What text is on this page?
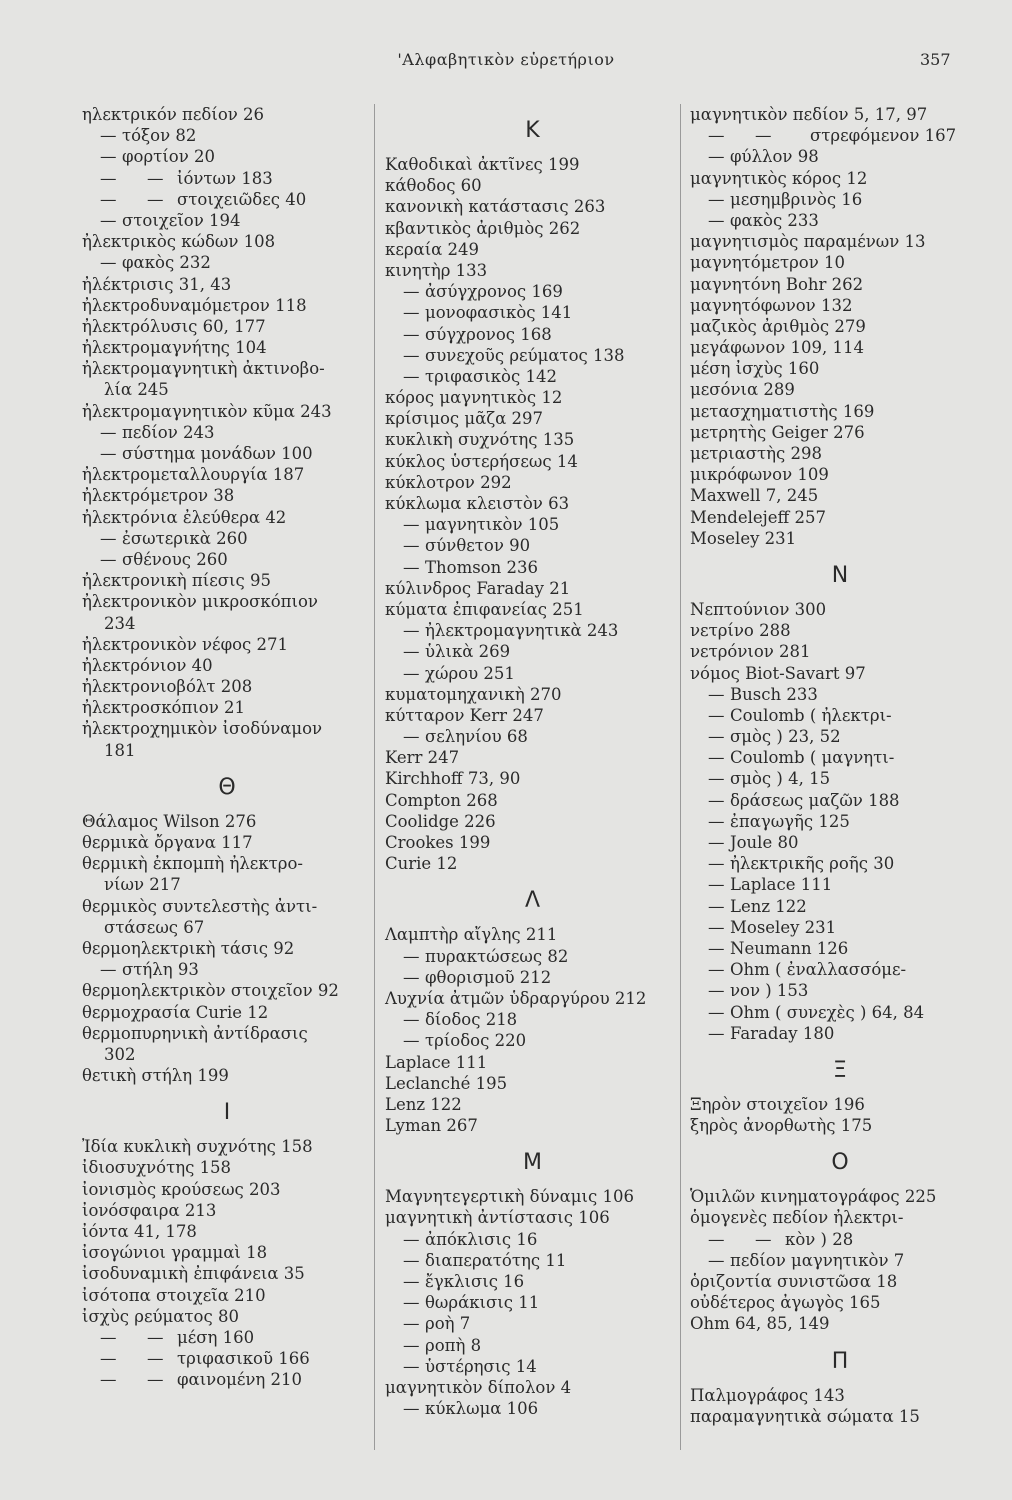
'Αλφαβητικὸν εὑρετήριον	357
ηλεκτρικόν πεδίον 26
— τόξον 82
— φορτίον 20
— — ἰόντων 183
— — στοιχειῶδες 40
— στοιχεῖον 194
ἠλεκτρικὸς κώδων 108
— φακὸς 232
ἠλέκτρισις 31, 43
ἠλεκτροδυναμόμετρον 118
ἠλεκτρόλυσις 60, 177
ἠλεκτρομαγνήτης 104
ἠλεκτρομαγνητικὴ ἀκτινοβο-
λία 245
ἠλεκτρομαγνητικὸν κῦμα 243
— πεδίον 243
— σύστημα μονάδων 100
ἠλεκτρομεταλλουργία 187
ἠλεκτρόμετρον 38
ἠλεκτρόνια ἐλεύθερα 42
— ἐσωτερικὰ 260
— σθένους 260
ἠλεκτρονικὴ πίεσις 95
ἠλεκτρονικὸν μικροσκόπιον
234
ἠλεκτρονικὸν νέφος 271
ἠλεκτρόνιον 40
ἠλεκτρονιοβόλτ 208
ἠλεκτροσκόπιον 21
ἠλεκτροχημικὸν ἰσοδύναμον
181
Θ
Θάλαμος Wilson 276
θερμικὰ ὄργανα 117
θερμικὴ ἐκπομπὴ ἠλεκτρο-
νίων 217
θερμικὸς συντελεστὴς ἀντι-
στάσεως 67
θερμοηλεκτρικὴ τάσις 92
— στήλη 93
θερμοηλεκτρικὸν στοιχεῖον 92
θερμοχρασία Curie 12
θερμοπυρηνικὴ ἀντίδρασις
302
θετικὴ στήλη 199
I
Ἰδία κυκλικὴ συχνότης 158
ἰδιοσυχνότης 158
ἰονισμὸς κρούσεως 203
ἰονόσφαιρα 213
ἰόντα 41, 178
ἰσογώνιοι γραμμαὶ 18
ἰσοδυναμικὴ ἐπιφάνεια 35
ἰσότοπα στοιχεῖα 210
ἰσχὺς ρεύματος 80
— — μέση 160
— — τριφασικοῦ 166
— — φαινομένη 210
K
Καθοδικαὶ ἀκτῖνες 199
κάθοδος 60
κανονικὴ κατάστασις 263
κβαντικὸς ἀριθμὸς 262
κεραία 249
κινητὴρ 133
— ἀσύγχρονος 169
— μονοφασικὸς 141
— σύγχρονος 168
— συνεχοῦς ρεύματος 138
— τριφασικὸς 142
κόρος μαγνητικὸς 12
κρίσιμος μᾶζα 297
κυκλικὴ συχνότης 135
κύκλος ὑστερήσεως 14
κύκλοτρον 292
κύκλωμα κλειστὸν 63
— μαγνητικὸν 105
— σύνθετον 90
— Thomson 236
κύλινδρος Faraday 21
κύματα ἐπιφανείας 251
— ἠλεκτρομαγνητικὰ 243
— ὑλικὰ 269
— χώρου 251
κυματομηχανικὴ 270
κύτταρον Kerr 247
— σεληνίου 68
Kerr 247
Kirchhoff 73, 90
Compton 268
Coolidge 226
Crookes 199
Curie 12
Λ
Λαμπτὴρ αἴγλης 211
— πυρακτώσεως 82
— φθορισμοῦ 212
Λυχνία ἀτμῶν ὑδραργύρου 212
— δίοδος 218
— τρίοδος 220
Laplace 111
Leclanché 195
Lenz 122
Lyman 267
M
Μαγνητεγερτικὴ δύναμις 106
μαγνητικὴ ἀντίστασις 106
— ἀπόκλισις 16
— διαπερατότης 11
— ἔγκλισις 16
— θωράκισις 11
— ροὴ 7
— ροπὴ 8
— ὑστέρησις 14
μαγνητικὸν δίπολον 4
— κύκλωμα 106
μαγνητικὸν πεδίον 5, 17, 97
— — στρεφόμενον 167
— φύλλον 98
μαγνητικὸς κόρος 12
— μεσημβρινὸς 16
— φακὸς 233
μαγνητισμὸς παραμένων 13
μαγνητόμετρον 10
μαγνητόνη Bohr 262
μαγνητόφωνον 132
μαζικὸς ἀριθμὸς 279
μεγάφωνον 109, 114
μέση ἰσχὺς 160
μεσόνια 289
μετασχηματιστὴς 169
μετρητὴς Geiger 276
μετριαστὴς 298
μικρόφωνον 109
Maxwell 7, 245
Mendelejeff 257
Moseley 231
N
Νεπτούνιον 300
νετρίνο 288
νετρόνιον 281
νόμος Biot-Savart 97
— Busch 233
— Coulomb ( ἠλεκτρι-
— σμὸς ) 23, 52
— Coulomb ( μαγνητι-
— σμὸς ) 4, 15
— δράσεως μαζῶν 188
— ἐπαγωγῆς 125
— Joule 80
— ἠλεκτρικῆς ροῆς 30
— Laplace 111
— Lenz 122
— Moseley 231
— Neumann 126
— Ohm ( ἐναλλασσόμε-
— νον ) 153
— Ohm ( συνεχὲς ) 64, 84
— Faraday 180
Ξ
Ξηρὸν στοιχεῖον 196
ξηρὸς ἀνορθωτὴς 175
O
Ὁμιλῶν κινηματογράφος 225
ὁμογενὲς πεδίον ἠλεκτρι-
— — κὸν ) 28
— πεδίον μαγνητικὸν 7
ὁριζοντία συνιστῶσα 18
οὐδέτερος ἀγωγὸς 165
Ohm 64, 85, 149
Π
Παλμογράφος 143
παραμαγνητικὰ σώματα 15
